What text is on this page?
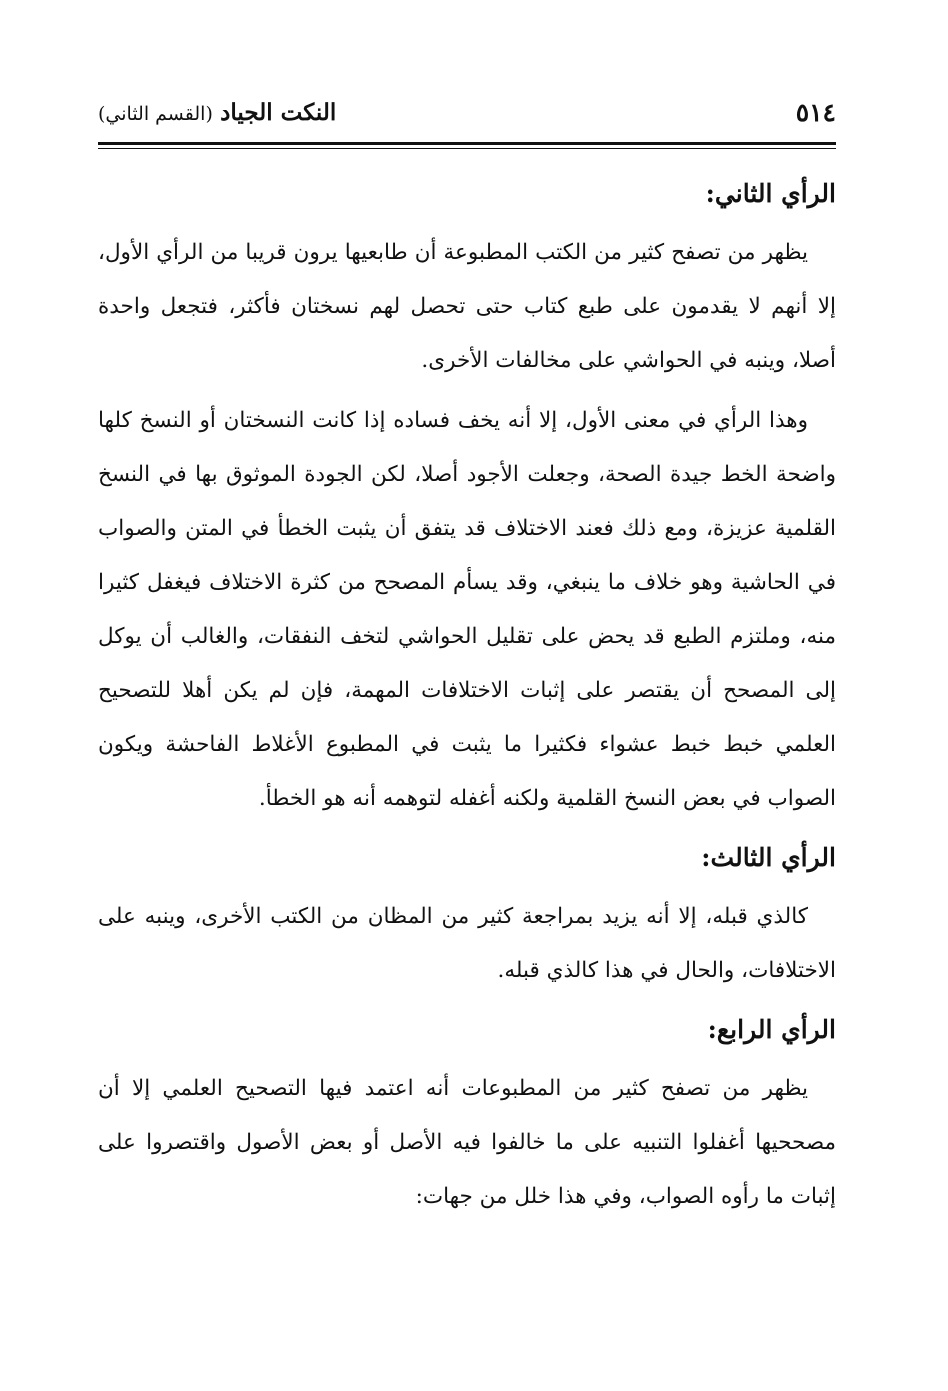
٥١٤
النكت الجياد (القسم الثاني)
الرأي الثاني:

يظهر من تصفح كثير من الكتب المطبوعة أن طابعيها يرون قريبا من الرأي الأول، إلا أنهم لا يقدمون على طبع كتاب حتى تحصل لهم نسختان فأكثر، فتجعل واحدة أصلا، وينبه في الحواشي على مخالفات الأخرى.

وهذا الرأي في معنى الأول، إلا أنه يخف فساده إذا كانت النسختان أو النسخ كلها واضحة الخط جيدة الصحة، وجعلت الأجود أصلا، لكن الجودة الموثوق بها في النسخ القلمية عزيزة، ومع ذلك فعند الاختلاف قد يتفق أن يثبت الخطأ في المتن والصواب في الحاشية وهو خلاف ما ينبغي، وقد يسأم المصحح من كثرة الاختلاف فيغفل كثيرا منه، وملتزم الطبع قد يحض على تقليل الحواشي لتخف النفقات، والغالب أن يوكل إلى المصحح أن يقتصر على إثبات الاختلافات المهمة، فإن لم يكن أهلا للتصحيح العلمي خبط خبط عشواء فكثيرا ما يثبت في المطبوع الأغلاط الفاحشة ويكون الصواب في بعض النسخ القلمية ولكنه أغفله لتوهمه أنه هو الخطأ.

الرأي الثالث:

كالذي قبله، إلا أنه يزيد بمراجعة كثير من المظان من الكتب الأخرى، وينبه على الاختلافات، والحال في هذا كالذي قبله.

الرأي الرابع:

يظهر من تصفح كثير من المطبوعات أنه اعتمد فيها التصحيح العلمي إلا أن مصححيها أغفلوا التنبيه على ما خالفوا فيه الأصل أو بعض الأصول واقتصروا على إثبات ما رأوه الصواب، وفي هذا خلل من جهات:
